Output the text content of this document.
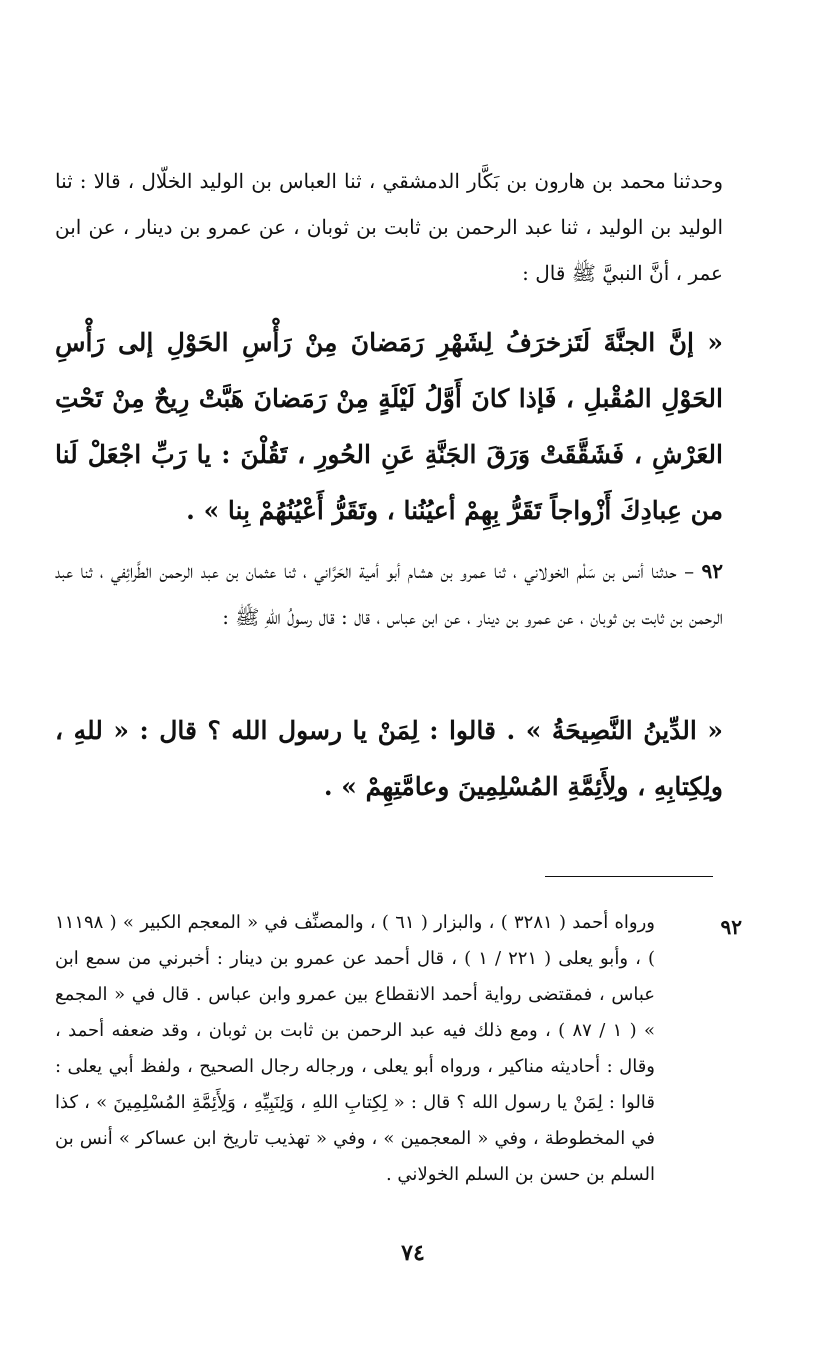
وحدثنا محمد بن هارون بن بَكَّار الدمشقي ، ثنا العباس بن الوليد الخلّال ، قالا : ثنا الوليد بن الوليد ، ثنا عبد الرحمن بن ثابت بن ثوبان ، عن عمرو بن دينار ، عن ابن عمر ، أنَّ النبيَّ ﷺ قال :

« إنَّ الجنَّةَ لَتَزخرَفُ لِشَهْرِ رَمَضانَ مِنْ رَأْسِ الحَوْلِ إلى رَأْسِ الحَوْلِ المُقْبلِ ، فَإذا كانَ أَوَّلُ لَيْلَةٍ مِنْ رَمَضانَ هَبَّتْ رِيحٌ مِنْ تَحْتِ العَرْشِ ، فَشَقَّقَتْ وَرَقَ الجَنَّةِ عَنِ الحُورِ ، تَقُلْنَ : يا رَبِّ اجْعَلْ لَنا من عِبادِكَ أَزْواجاً تَقَرُّ بِهِمْ أعيُنُنا ، وتَقَرُّ أَعْيُنُهُمْ بِنا » .

٩٢ – حدثنا أنس بن سَلْم الخولاني ، ثنا عمرو بن هشام أبو أمية الحَرَّاني ، ثنا عثمان بن عبد الرحمن الطَّرائِفي ، ثنا عبد الرحمن بن ثابت بن ثوبان ، عن عمرو بن دينار ، عن ابن عباس ، قال : قال رسولُ اللهِ ﷺ :

« الدِّينُ النَّصِيحَةُ » . قالوا : لِمَنْ يا رسول الله ؟ قال : « للهِ ، ولِكِتابِهِ ، ولِأَئِمَّةِ المُسْلِمِينَ وعامَّتِهِمْ » .

٩٢

ورواه أحمد ( ٣٢٨١ ) ، والبزار ( ٦١ ) ، والمصنِّف في « المعجم الكبير » ( ١١١٩٨ ) ، وأبو يعلى ( ٢٢١ / ١ ) ، قال أحمد عن عمرو بن دينار : أخبرني من سمع ابن عباس ، فمقتضى رواية أحمد الانقطاع بين عمرو وابن عباس . قال في « المجمع » ( ١ / ٨٧ ) ، ومع ذلك فيه عبد الرحمن بن ثابت بن ثوبان ، وقد ضعفه أحمد ، وقال : أحاديثه مناكير ، ورواه أبو يعلى ، ورجاله رجال الصحيح ، ولفظ أبي يعلى : قالوا : لِمَنْ يا رسول الله ؟ قال : « لِكِتابِ اللهِ ، وَلِنَبِيِّهِ ، وَلِأَئِمَّةِ المُسْلِمِينَ » ، كذا في المخطوطة ، وفي « المعجمين » ، وفي « تهذيب تاريخ ابن عساكر » أنس بن السلم بن حسن بن السلم الخولاني .

٧٤
